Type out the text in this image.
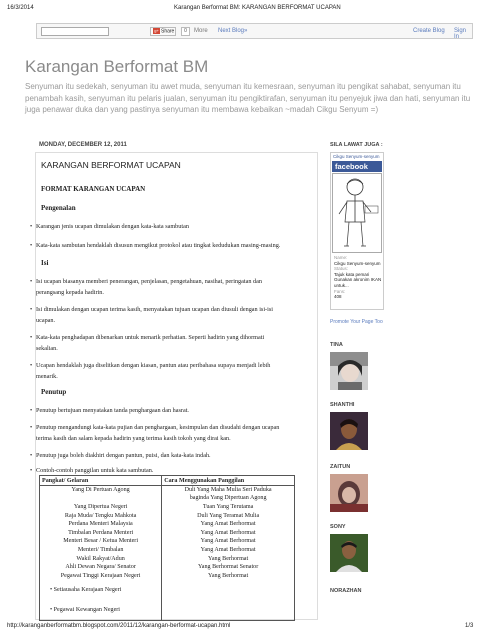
16/3/2014	Karangan Berformat BM: KARANGAN BERFORMAT UCAPAN
g+ Share	0	More Next Blog»	Create Blog Sign In
Karangan Berformat BM
Senyuman itu sedekah, senyuman itu awet muda, senyuman itu kemesraan, senyuman itu pengikat sahabat, senyuman itu penambah kasih, senyuman itu pelaris jualan, senyuman itu pengiktirafan, senyuman itu penyejuk jiwa dan hati, senyuman itu juga penawar duka dan yang pastinya senyuman itu membawa kebaikan ~madah Cikgu Senyum =)
MONDAY, DECEMBER 12, 2011
KARANGAN BERFORMAT UCAPAN
FORMAT KARANGAN UCAPAN
Pengenalan
• Karangan jenis ucapan dimulakan dengan kata-kata sambutan
• Kata-kata sambutan hendaklah disusun mengikut protokol atau tingkat kedudukan masing-masing.
Isi
• Isi ucapan biasanya memberi penerangan, penjelasan, pengetahuan, nasihat, peringatan dan
perangsang kepada hadirin.
• Isi dimulakan dengan ucapan terima kasih, menyatakan tujuan ucapan dan diusuli dengan isi-isi
ucapan.
• Kata-kata penghadapan dibenarkan untuk menarik perhatian. Seperti hadirin yang dihormati
sekalian.
• Ucapan hendaklah juga diselitkan dengan kiasan, pantun atau peribahasa supaya menjadi lebih
menarik.
Penutup
• Penutup bertujuan menyatakan tanda penghargaan dan hasrat.
• Penutup mengandungi kata-kata pujian dan penghargaan, kesimpulan dan disudahi dengan ucapan
terima kasih dan salam kepada hadirin yang terima kasih tokoh yang dirai kan.
• Penutup juga boleh diakhiri dengan pantun, puisi, dan kata-kata indah.
• Contoh-contoh panggilan untuk kata sambutan.
Pangkat/ Gelaran	Cara Menggunakan Panggilan
Yang Di Pertuan Agong	Duli Yang Maha Mulia Seri Paduka
	baginda Yang Dipertuan Agong
Yang Dipertua Negeri	Tuan Yang Terutama
Raja Muda/ Tengku Mahkota	Duli Yang Teramat Mulia
Perdana Menteri Malaysia	Yang Amat Berhormat
Timbalan Perdana Menteri	Yang Amat Berhormat
Menteri Besar / Ketua Menteri	Yang Amat Berhormat
Menteri/ Timbalan	Yang Amat Berhormat
Wakil Rakyat/Adun	Yang Berhormat
Ahli Dewan Negara/ Senator	Yang Berhormat Senator
Pegawai Tinggi Kerajaan Negeri	Yang Berhormat
• Setiausaha Kerajaan Negeri	
• Pegawai Kewangan Negeri	
SILA LAWAT JUGA :
Cikgu Senyum-senyum
facebook
Name:
Cikgu Senyum-senyum
Status:
Tajuk kata pemari Gunakan akronim IKAN untuk...
Fans:
408
Promote Your Page Too
TINA
SHANTHI
ZAITUN
SONY
NORAZHAN
http://karanganberformatbm.blogspot.com/2011/12/karangan-berformat-ucapan.html	1/3
